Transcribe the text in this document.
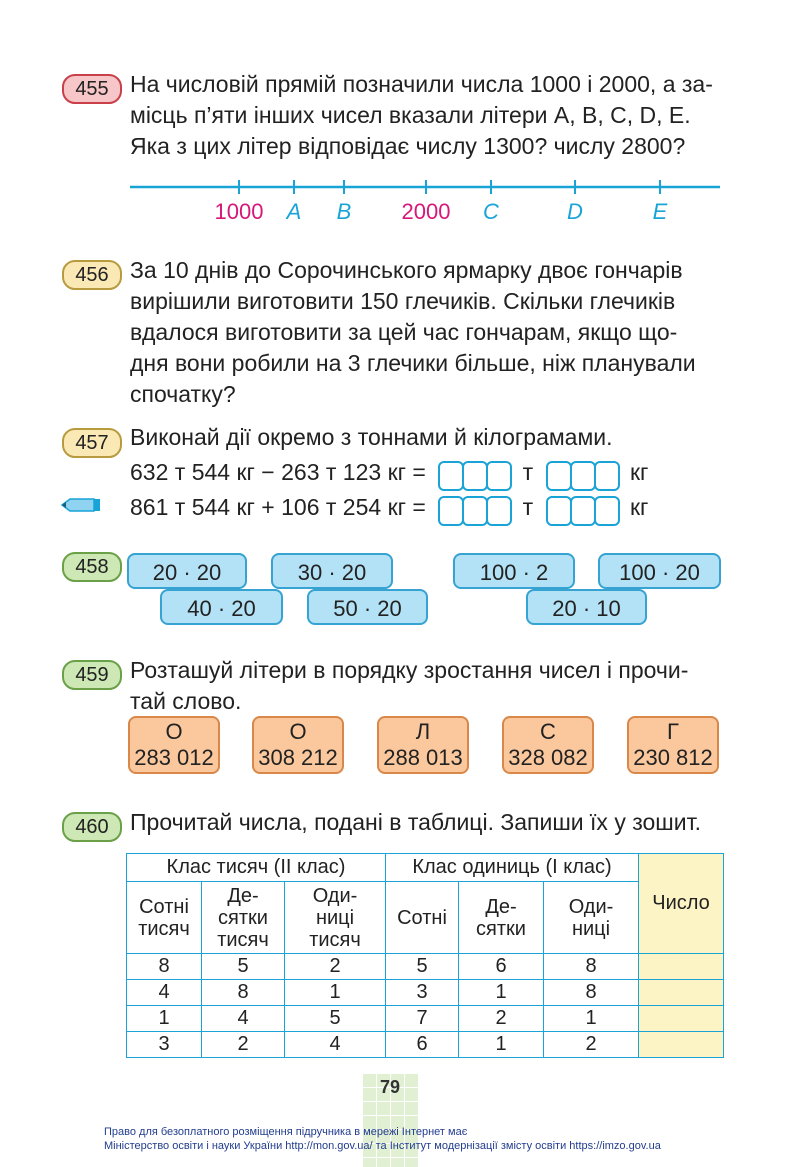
455 На числовій прямій позначили числа 1000 і 2000, а за-
місць п’яти інших чисел вказали літери A, B, C, D, E.
Яка з цих літер відповідає числу 1300? числу 2800?
1000 A B 2000 C	D	E
456 За 10 днів до Сорочинського ярмарку двоє гончарів
вирішили виготовити 150 глечиків. Скільки глечиків
вдалося виготовити за цей час гончарам, якщо що-
дня вони робили на 3 глечики більше, ніж планували
спочатку?
457 Виконай дії окремо з тоннами й кілограмами.
632 т 544 кг − 263 т 123 кг =	т	кг
861 т 544 кг + 106 т 254 кг =	т	кг
458	20 · 20	30 · 20	100 · 2	100 · 20
40 · 20	50 · 20	20 · 10
459 Розташуй літери в порядку зростання чисел і прочи-
тай слово.
О
283 012
О
308 212
Л
288 013
С
328 082
Г
230 812
460 Прочитай числа, подані в таблиці. Запиши їх у зошит.
Клас тисяч (ІІ клас)			Клас одиниць (І клас)			Число
Сотні
тисяч	Де-
сятки
тисяч	Оди-
ниці
тисяч	Сотні	Де-
сятки	Оди-
ниці	
8	5	2	5	6	8	
4	8	1	3	1	8	
1	4	5	7	2	1	
3	2	4	6	1	2	
79
Право для безоплатного розміщення підручника в мережі Інтернет має
Міністерство освіти і науки України http://mon.gov.ua/ та Інститут модернізації змісту освіти https://imzo.gov.ua
